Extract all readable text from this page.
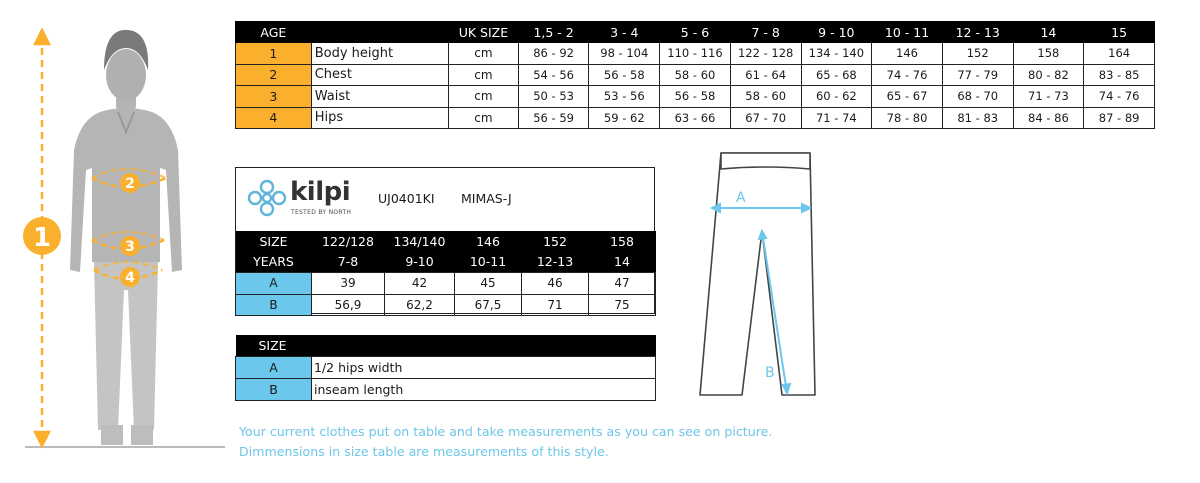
1
2
3
4
AGE		UK SIZE	1,5 - 2	3 - 4	5 - 6	7 - 8	9 - 10	10 - 11	12 - 13	14	15
1	Body height	cm	86 - 92	98 - 104	110 - 116	122 - 128	134 - 140	146	152	158	164
2	Chest	cm	54 - 56	56 - 58	58 - 60	61 - 64	65 - 68	74 - 76	77 - 79	80 - 82	83 - 85
3	Waist	cm	50 - 53	53 - 56	56 - 58	58 - 60	60 - 62	65 - 67	68 - 70	71 - 73	74 - 76
4	Hips	cm	56 - 59	59 - 62	63 - 66	67 - 70	71 - 74	78 - 80	81 - 83	84 - 86	87 - 89
kilpi
TESTED BY NORTH
UJ0401KI MIMAS-J
SIZE	122/128	134/140	146	152	158
YEARS	7-8	9-10	10-11	12-13	14
A	39	42	45	46	47
B	56,9	62,2	67,5	71	75
SIZE	
A	1/2 hips width
B	inseam length
A
B
Your current clothes put on table and take measurements as you can see on picture.
Dimmensions in size table are measurements of this style.
